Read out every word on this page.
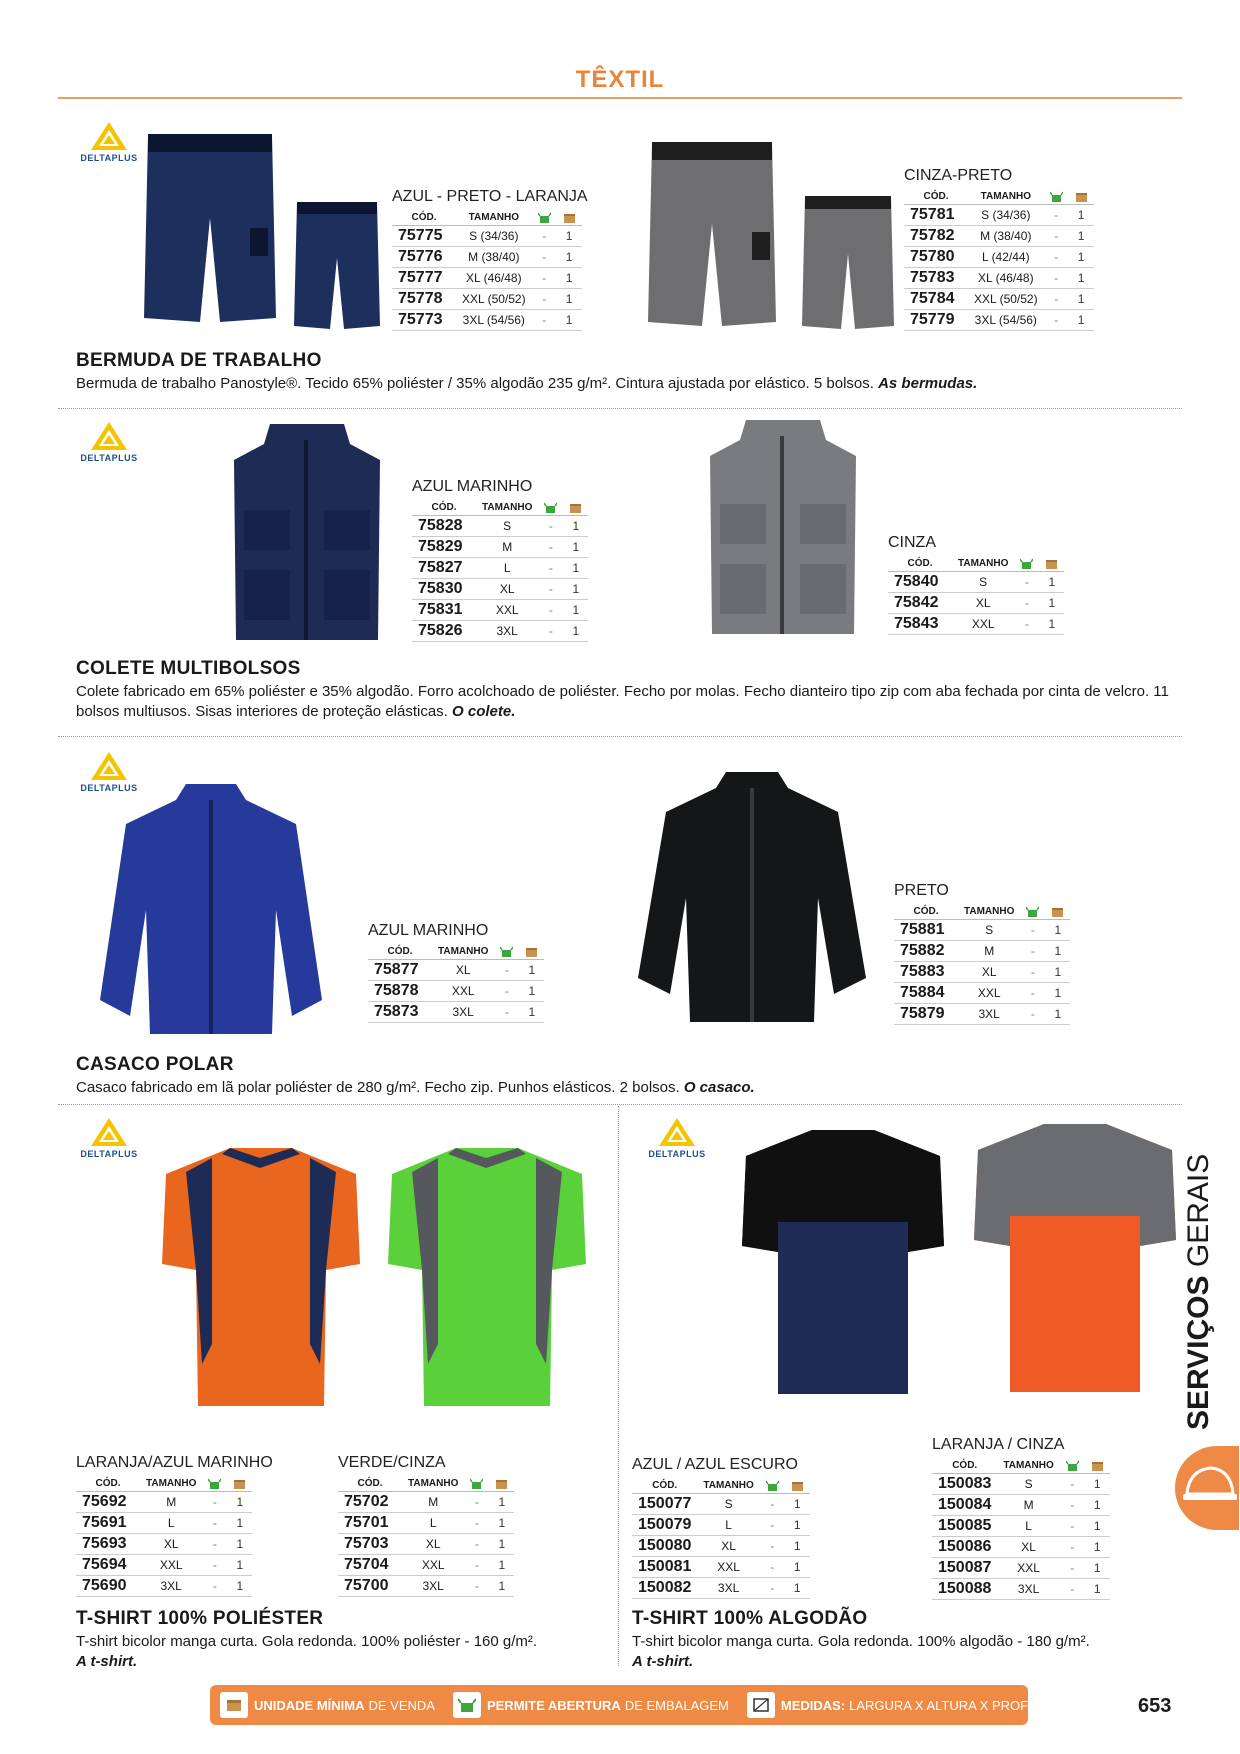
TÊXTIL
DELTAPLUS
AZUL - PRETO - LARANJA
CÓD.	TAMANHO		
75775	S (34/36)	-	1
75776	M (38/40)	-	1
75777	XL (46/48)	-	1
75778	XXL (50/52)	-	1
75773	3XL (54/56)	-	1
CINZA-PRETO
CÓD.	TAMANHO		
75781	S (34/36)	-	1
75782	M (38/40)	-	1
75780	L (42/44)	-	1
75783	XL (46/48)	-	1
75784	XXL (50/52)	-	1
75779	3XL (54/56)	-	1
BERMUDA DE TRABALHO
Bermuda de trabalho Panostyle®. Tecido 65% poliéster / 35% algodão 235 g/m². Cintura ajustada por elástico. 5 bolsos. As bermudas.
DELTAPLUS
AZUL MARINHO
CÓD.	TAMANHO		
75828	S	-	1
75829	M	-	1
75827	L	-	1
75830	XL	-	1
75831	XXL	-	1
75826	3XL	-	1
CINZA
CÓD.	TAMANHO		
75840	S	-	1
75842	XL	-	1
75843	XXL	-	1
COLETE MULTIBOLSOS
Colete fabricado em 65% poliéster e 35% algodão. Forro acolchoado de poliéster. Fecho por molas. Fecho dianteiro tipo zip com aba fechada por cinta de velcro. 11 bolsos multiusos. Sisas interiores de proteção elásticas. O colete.
DELTAPLUS
AZUL MARINHO
CÓD.	TAMANHO		
75877	XL	-	1
75878	XXL	-	1
75873	3XL	-	1
PRETO
CÓD.	TAMANHO		
75881	S	-	1
75882	M	-	1
75883	XL	-	1
75884	XXL	-	1
75879	3XL	-	1
CASACO POLAR
Casaco fabricado em lã polar poliéster de 280 g/m². Fecho zip. Punhos elásticos. 2 bolsos. O casaco.
DELTAPLUS
LARANJA/AZUL MARINHO
CÓD.	TAMANHO		
75692	M	-	1
75691	L	-	1
75693	XL	-	1
75694	XXL	-	1
75690	3XL	-	1
VERDE/CINZA
CÓD.	TAMANHO		
75702	M	-	1
75701	L	-	1
75703	XL	-	1
75704	XXL	-	1
75700	3XL	-	1
T-SHIRT 100% POLIÉSTER
T-shirt bicolor manga curta. Gola redonda. 100% poliéster - 160 g/m².
A t-shirt.
DELTAPLUS
AZUL / AZUL ESCURO
CÓD.	TAMANHO		
150077	S	-	1
150079	L	-	1
150080	XL	-	1
150081	XXL	-	1
150082	3XL	-	1
LARANJA / CINZA
CÓD.	TAMANHO		
150083	S	-	1
150084	M	-	1
150085	L	-	1
150086	XL	-	1
150087	XXL	-	1
150088	3XL	-	1
T-SHIRT 100% ALGODÃO
T-shirt bicolor manga curta. Gola redonda. 100% algodão - 180 g/m².
A t-shirt.
SERVIÇOS GERAIS
UNIDADE MÍNIMA DE VENDA	PERMITE ABERTURA DE EMBALAGEM	MEDIDAS: LARGURA X ALTURA X PROFUNDIDADE 653
